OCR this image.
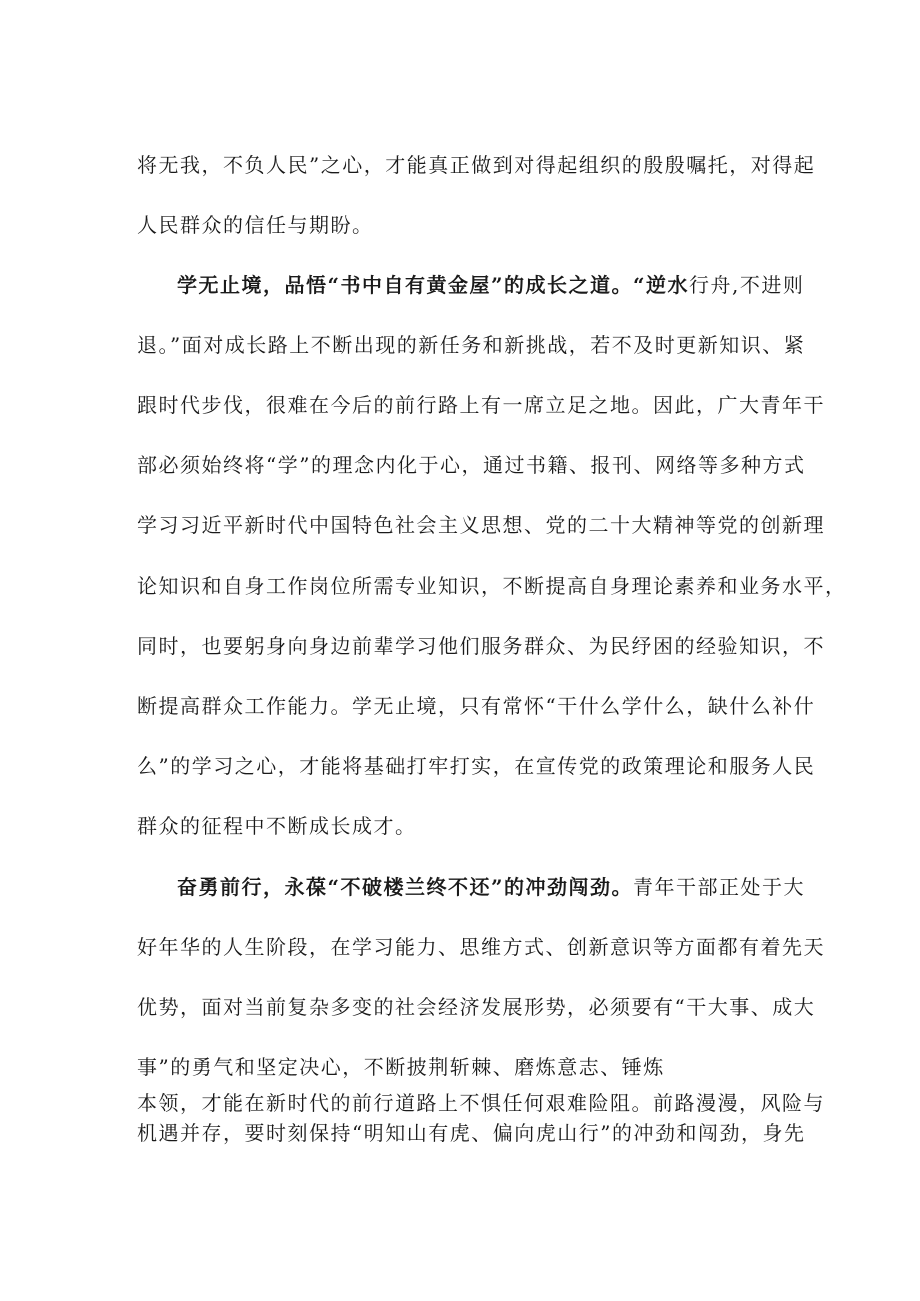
将无我，不负人民”之心，才能真正做到对得起组织的殷殷嘱托，对得起
人民群众的信任与期盼。
学无止境，品悟“书中自有黄金屋”的成长之道。“逆水行舟,不进则
退。”面对成长路上不断出现的新任务和新挑战，若不及时更新知识、紧
跟时代步伐，很难在今后的前行路上有一席立足之地。因此，广大青年干
部必须始终将“学”的理念内化于心，通过书籍、报刊、网络等多种方式
学习习近平新时代中国特色社会主义思想、党的二十大精神等党的创新理
论知识和自身工作岗位所需专业知识，不断提高自身理论素养和业务水平，
同时，也要躬身向身边前辈学习他们服务群众、为民纾困的经验知识，不
断提高群众工作能力。学无止境，只有常怀“干什么学什么，缺什么补什
么”的学习之心，才能将基础打牢打实，在宣传党的政策理论和服务人民
群众的征程中不断成长成才。
奋勇前行，永葆“不破楼兰终不还”的冲劲闯劲。青年干部正处于大
好年华的人生阶段，在学习能力、思维方式、创新意识等方面都有着先天
优势，面对当前复杂多变的社会经济发展形势，必须要有“干大事、成大
事”的勇气和坚定决心，不断披荆斩棘、磨炼意志、锤炼
本领，才能在新时代的前行道路上不惧任何艰难险阻。前路漫漫，风险与
机遇并存，要时刻保持“明知山有虎、偏向虎山行”的冲劲和闯劲，身先
